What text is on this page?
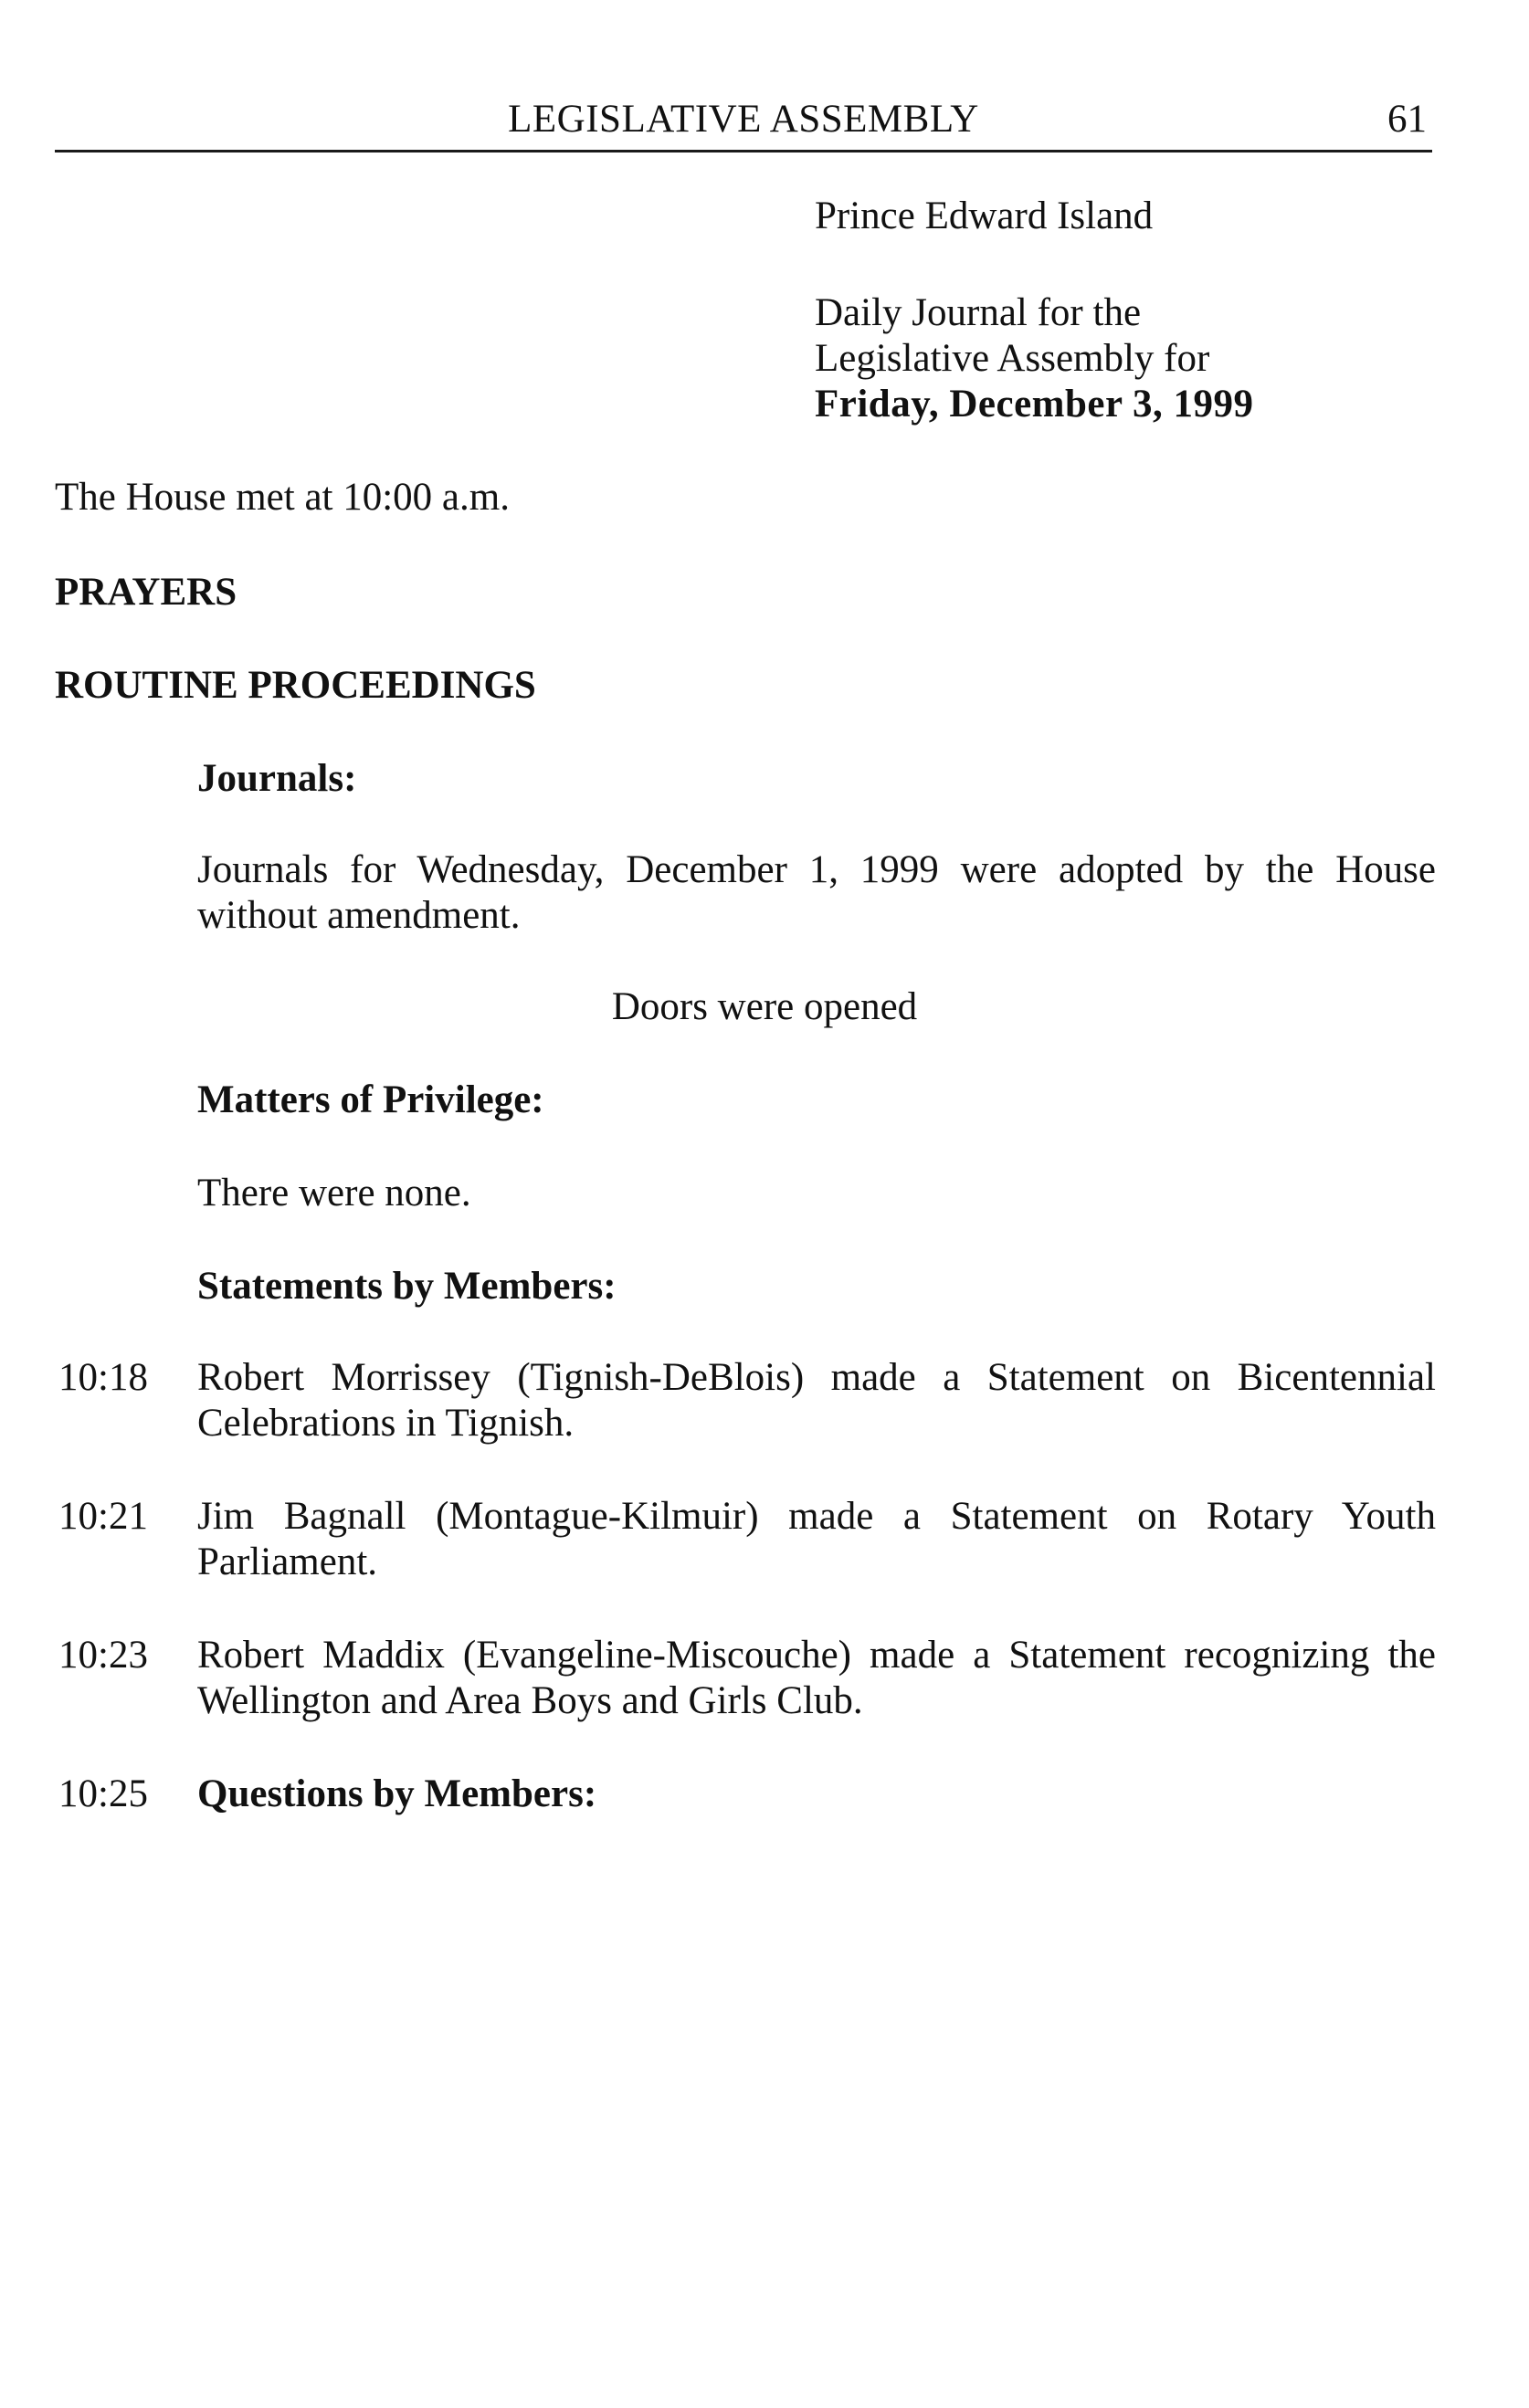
LEGISLATIVE ASSEMBLY	61
Prince Edward Island
Daily Journal for the
Legislative Assembly for
Friday, December 3, 1999
The House met at 10:00 a.m.
PRAYERS
ROUTINE PROCEEDINGS
Journals:
Journals for Wednesday, December 1, 1999 were adopted by the House without amendment.
Doors were opened
Matters of Privilege:
There were none.
Statements by Members:
10:18 Robert Morrissey (Tignish-DeBlois) made a Statement on Bicentennial Celebrations in Tignish.
10:21 Jim Bagnall (Montague-Kilmuir) made a Statement on Rotary Youth Parliament.
10:23 Robert Maddix (Evangeline-Miscouche) made a Statement recognizing the Wellington and Area Boys and Girls Club.
10:25 Questions by Members:
